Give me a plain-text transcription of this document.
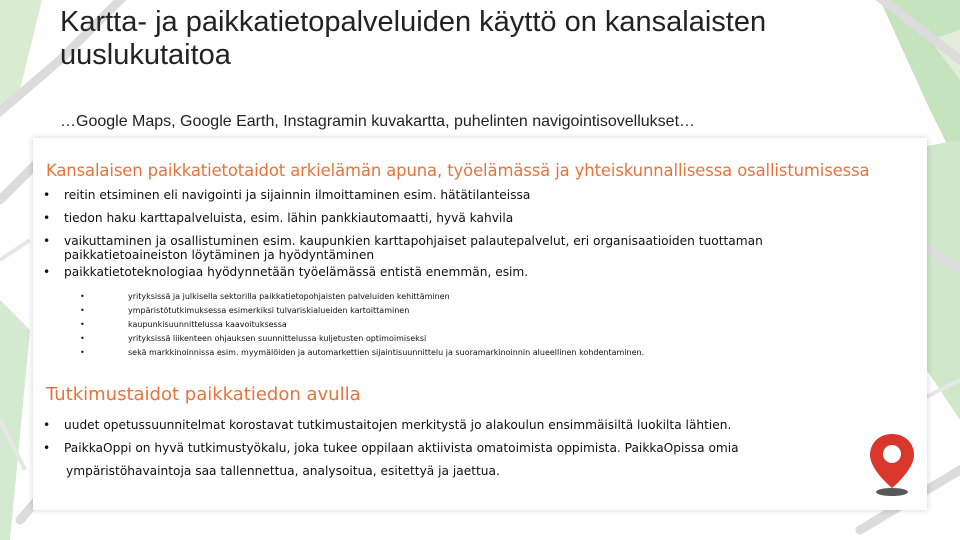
Kartta- ja paikkatietopalveluiden käyttö on kansalaisten
uuslukutaitoa
…Google Maps, Google Earth, Instagramin kuvakartta, puhelinten navigointisovellukset…
Kansalaisen paikkatietotaidot arkielämän apuna, työelämässä ja yhteiskunnallisessa osallistumisessa
• reitin etsiminen eli navigointi ja sijainnin ilmoittaminen esim. hätätilanteissa
• tiedon haku karttapalveluista, esim. lähin pankkiautomaatti, hyvä kahvila
• vaikuttaminen ja osallistuminen esim. kaupunkien karttapohjaiset palautepalvelut, eri organisaatioiden tuottaman paikkatietoaineiston löytäminen ja hyödyntäminen
• paikkatietoteknologiaa hyödynnetään työelämässä entistä enemmän, esim.
• yrityksissä ja julkisella sektorilla paikkatietopohjaisten palveluiden kehittäminen
• ympäristötutkimuksessa esimerkiksi tulvariskialueiden kartoittaminen
• kaupunkisuunnittelussa kaavoituksessa
• yrityksissä liikenteen ohjauksen suunnittelussa kuljetusten optimoimiseksi
• sekä markkinoinnissa esim. myymälöiden ja automarkettien sijaintisuunnittelu ja suoramarkinoinnin alueellinen kohdentaminen.
Tutkimustaidot paikkatiedon avulla
• uudet opetussuunnitelmat korostavat tutkimustaitojen merkitystä jo alakoulun ensimmäisiltä luokilta lähtien.
• PaikkaOppi on hyvä tutkimustyökalu, joka tukee oppilaan aktiivista omatoimista oppimista. PaikkaOpissa omia
ympäristöhavaintoja saa tallennettua, analysoitua, esitettyä ja jaettua.
